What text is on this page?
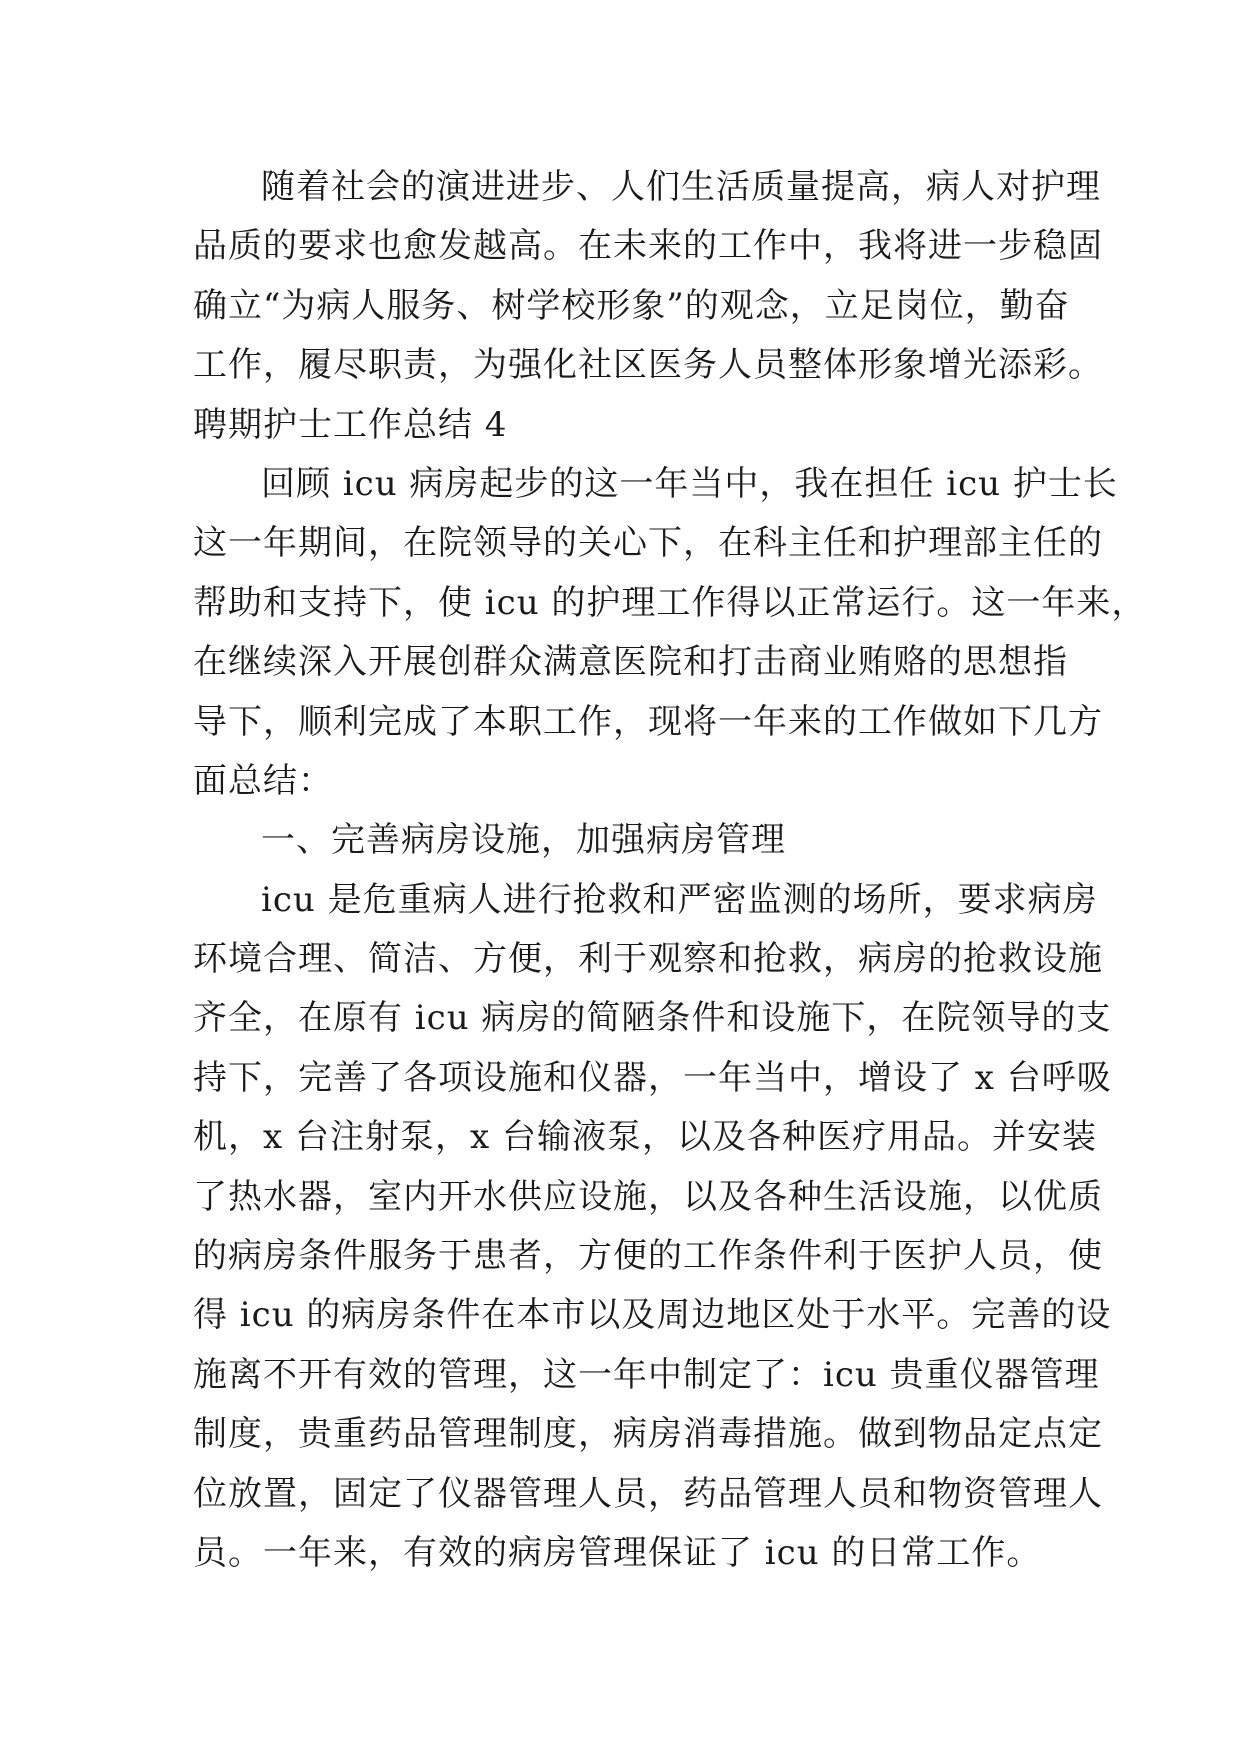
随着社会的演进进步、人们生活质量提高，病人对护理
品质的要求也愈发越高。在未来的工作中，我将进一步稳固
确立“为病人服务、树学校形象”的观念，立足岗位，勤奋
工作，履尽职责，为强化社区医务人员整体形象增光添彩。
聘期护士工作总结 4
回顾 icu 病房起步的这一年当中，我在担任 icu 护士长
这一年期间，在院领导的关心下，在科主任和护理部主任的
帮助和支持下，使 icu 的护理工作得以正常运行。这一年来，
在继续深入开展创群众满意医院和打击商业贿赂的思想指
导下，顺利完成了本职工作，现将一年来的工作做如下几方
面总结：
一、完善病房设施，加强病房管理
icu 是危重病人进行抢救和严密监测的场所，要求病房
环境合理、简洁、方便，利于观察和抢救，病房的抢救设施
齐全，在原有 icu 病房的简陋条件和设施下，在院领导的支
持下，完善了各项设施和仪器，一年当中，增设了 x 台呼吸
机，x 台注射泵，x 台输液泵，以及各种医疗用品。并安装
了热水器，室内开水供应设施，以及各种生活设施，以优质
的病房条件服务于患者，方便的工作条件利于医护人员，使
得 icu 的病房条件在本市以及周边地区处于水平。完善的设
施离不开有效的管理，这一年中制定了：icu 贵重仪器管理
制度，贵重药品管理制度，病房消毒措施。做到物品定点定
位放置，固定了仪器管理人员，药品管理人员和物资管理人
员。一年来，有效的病房管理保证了 icu 的日常工作。
